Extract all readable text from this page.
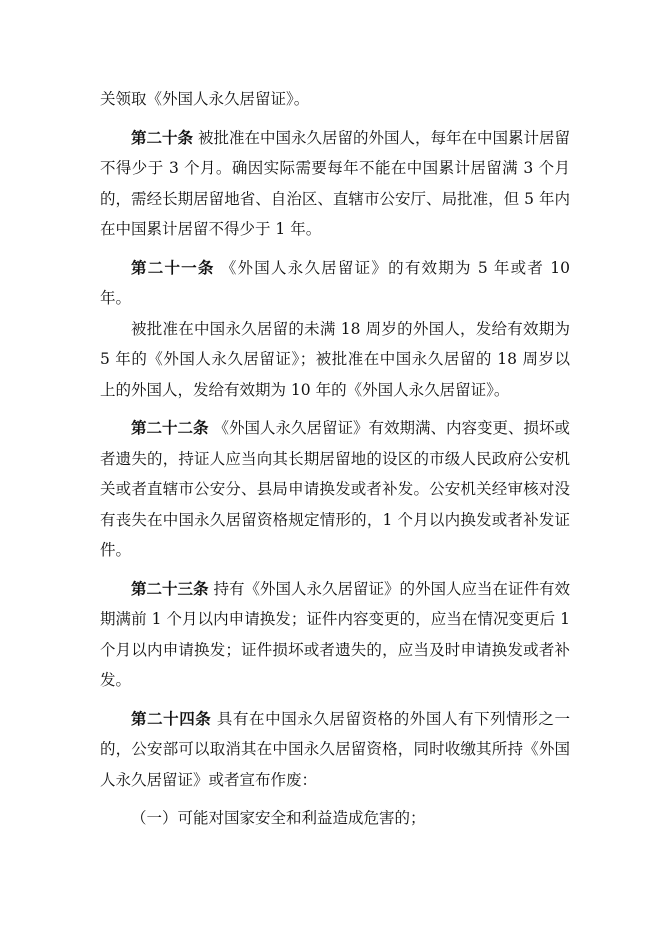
关领取《外国人永久居留证》。

第二十条 被批准在中国永久居留的外国人，每年在中国累计居留不得少于 3 个月。确因实际需要每年不能在中国累计居留满 3 个月的，需经长期居留地省、自治区、直辖市公安厅、局批准，但 5 年内在中国累计居留不得少于 1 年。

第二十一条 《外国人永久居留证》的有效期为 5 年或者 10 年。

被批准在中国永久居留的未满 18 周岁的外国人，发给有效期为 5 年的《外国人永久居留证》；被批准在中国永久居留的 18 周岁以上的外国人，发给有效期为 10 年的《外国人永久居留证》。

第二十二条 《外国人永久居留证》有效期满、内容变更、损坏或者遗失的，持证人应当向其长期居留地的设区的市级人民政府公安机关或者直辖市公安分、县局申请换发或者补发。公安机关经审核对没有丧失在中国永久居留资格规定情形的，1 个月以内换发或者补发证件。

第二十三条 持有《外国人永久居留证》的外国人应当在证件有效期满前 1 个月以内申请换发；证件内容变更的，应当在情况变更后 1 个月以内申请换发；证件损坏或者遗失的，应当及时申请换发或者补发。

第二十四条 具有在中国永久居留资格的外国人有下列情形之一的，公安部可以取消其在中国永久居留资格，同时收缴其所持《外国人永久居留证》或者宣布作废：

（一）可能对国家安全和利益造成危害的；
